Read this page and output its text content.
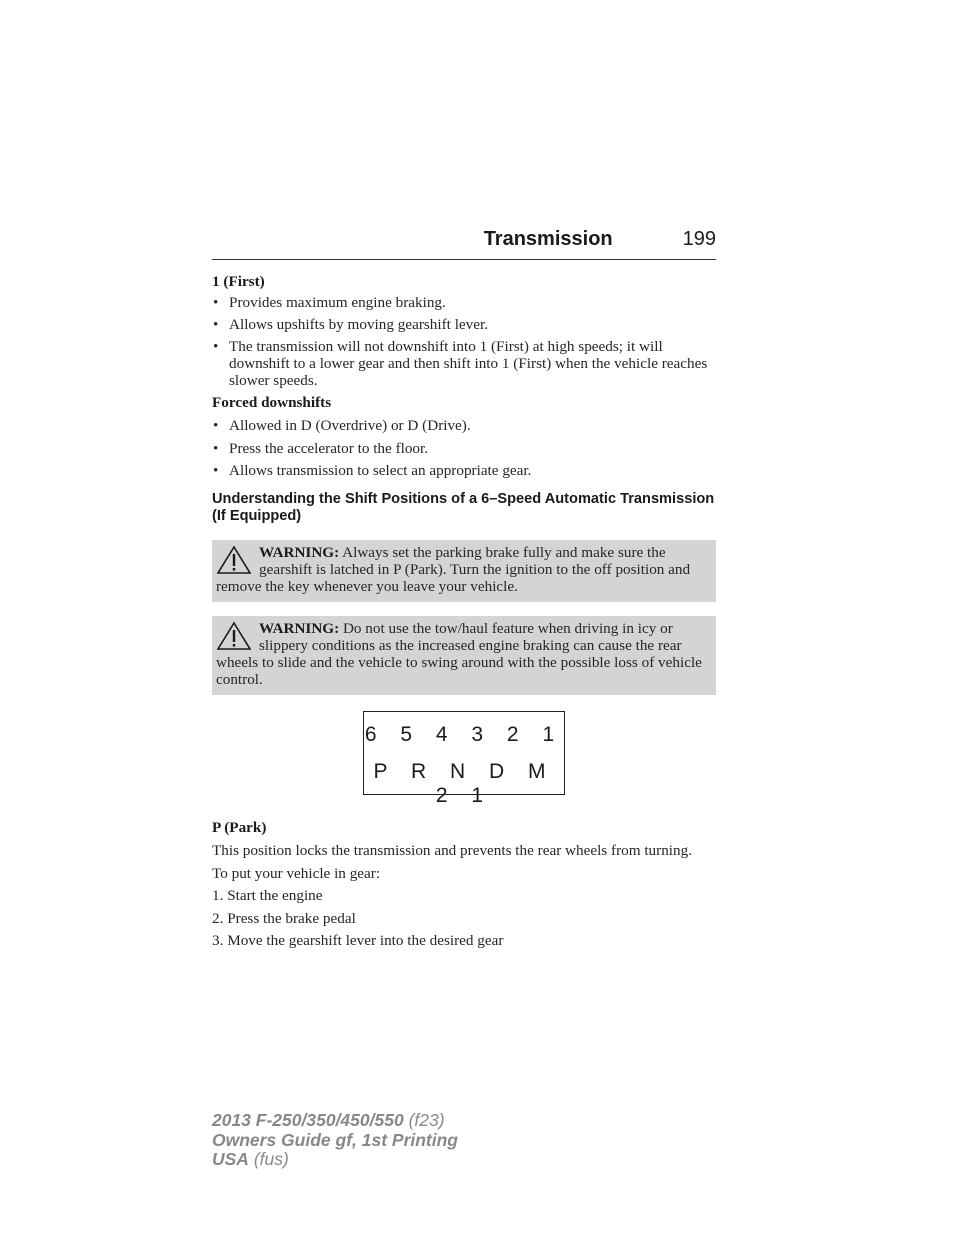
Transmission	199
1 (First)
• Provides maximum engine braking.
• Allows upshifts by moving gearshift lever.
• The transmission will not downshift into 1 (First) at high speeds; it will downshift to a lower gear and then shift into 1 (First) when the vehicle reaches slower speeds.
Forced downshifts
• Allowed in D (Overdrive) or D (Drive).
• Press the accelerator to the floor.
• Allows transmission to select an appropriate gear.
Understanding the Shift Positions of a 6–Speed Automatic Transmission (If Equipped)
WARNING: Always set the parking brake fully and make sure the gearshift is latched in P (Park). Turn the ignition to the off position and remove the key whenever you leave your vehicle.
WARNING: Do not use the tow/haul feature when driving in icy or slippery conditions as the increased engine braking can cause the rear wheels to slide and the vehicle to swing around with the possible loss of vehicle control.
6 5 4 3 2 1
P R N D M 2 1
P (Park)
This position locks the transmission and prevents the rear wheels from turning.
To put your vehicle in gear:
1. Start the engine
2. Press the brake pedal
3. Move the gearshift lever into the desired gear
2013 F-250/350/450/550 (f23)
Owners Guide gf, 1st Printing
USA (fus)
